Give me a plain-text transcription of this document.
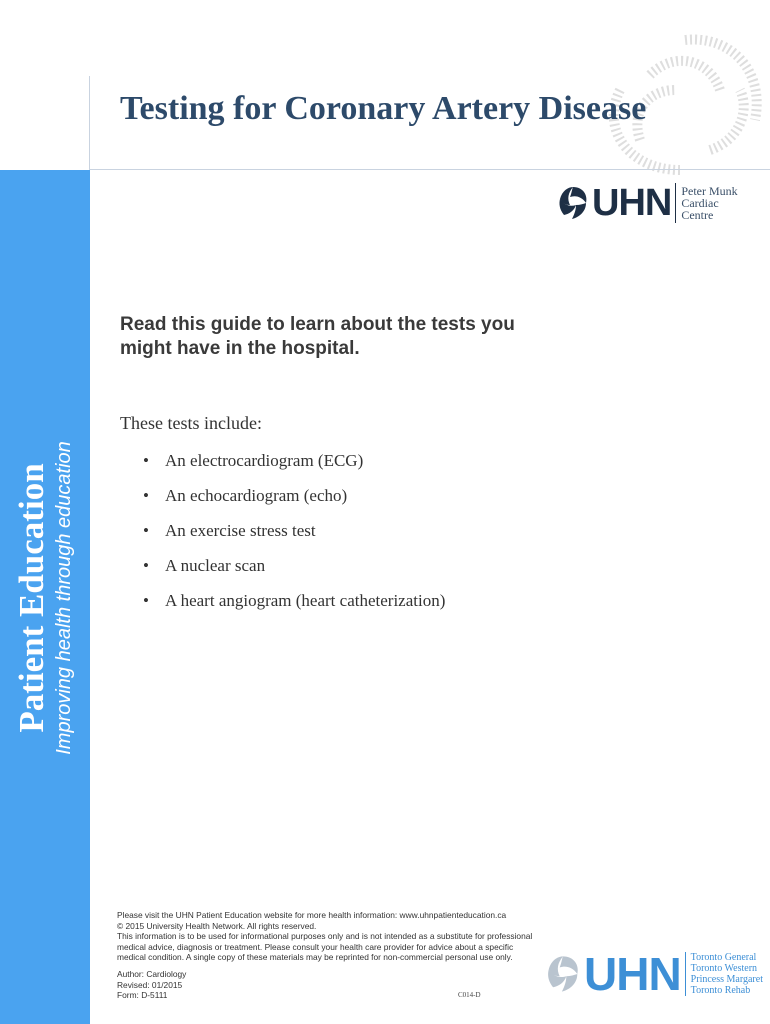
Testing for Coronary Artery Disease
Patient Education Improving health through education
UHN Peter Munk
Cardiac
Centre
Read this guide to learn about the tests you
might have in the hospital.

These tests include:

• An electrocardiogram (ECG)
• An echocardiogram (echo)
• An exercise stress test
• A nuclear scan
• A heart angiogram (heart catheterization)

Please visit the UHN Patient Education website for more health information: www.uhnpatienteducation.ca

© 2015 University Health Network. All rights reserved.

This information is to be used for informational purposes only and is not intended as a substitute for professional

medical advice, diagnosis or treatment. Please consult your health care provider for advice about a specific

medical condition. A single copy of these materials may be reprinted for non-commercial personal use only.

Author: Cardiology

Revised: 01/2015

Form: D-5111	C014-D UHN Toronto General
Toronto Western
Princess Margaret
Toronto Rehab
